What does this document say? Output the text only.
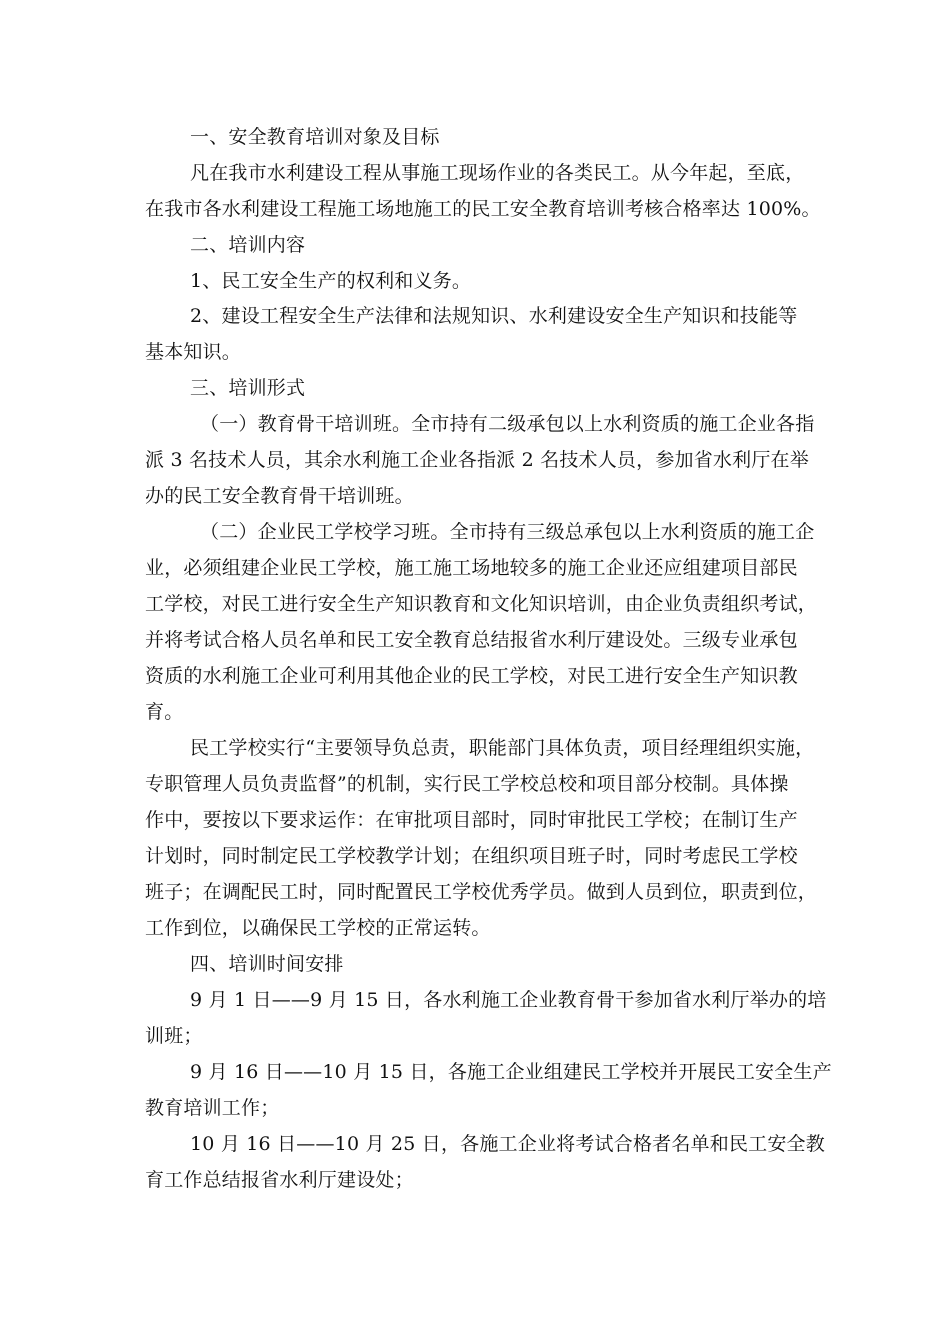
一、安全教育培训对象及目标
凡在我市水利建设工程从事施工现场作业的各类民工。从今年起，至底，
在我市各水利建设工程施工场地施工的民工安全教育培训考核合格率达 100%。
二、培训内容
1、民工安全生产的权利和义务。
2、建设工程安全生产法律和法规知识、水利建设安全生产知识和技能等
基本知识。
三、培训形式
（一）教育骨干培训班。全市持有二级承包以上水利资质的施工企业各指
派 3 名技术人员，其余水利施工企业各指派 2 名技术人员，参加省水利厅在举
办的民工安全教育骨干培训班。
（二）企业民工学校学习班。全市持有三级总承包以上水利资质的施工企
业，必须组建企业民工学校，施工施工场地较多的施工企业还应组建项目部民
工学校，对民工进行安全生产知识教育和文化知识培训，由企业负责组织考试，
并将考试合格人员名单和民工安全教育总结报省水利厅建设处。三级专业承包
资质的水利施工企业可利用其他企业的民工学校，对民工进行安全生产知识教
育。
民工学校实行“主要领导负总责，职能部门具体负责，项目经理组织实施，
专职管理人员负责监督”的机制，实行民工学校总校和项目部分校制。具体操
作中，要按以下要求运作：在审批项目部时，同时审批民工学校；在制订生产
计划时，同时制定民工学校教学计划；在组织项目班子时，同时考虑民工学校
班子；在调配民工时，同时配置民工学校优秀学员。做到人员到位，职责到位，
工作到位，以确保民工学校的正常运转。
四、培训时间安排
9 月 1 日——9 月 15 日，各水利施工企业教育骨干参加省水利厅举办的培
训班；
9 月 16 日——10 月 15 日，各施工企业组建民工学校并开展民工安全生产
教育培训工作；
10 月 16 日——10 月 25 日，各施工企业将考试合格者名单和民工安全教
育工作总结报省水利厅建设处；
